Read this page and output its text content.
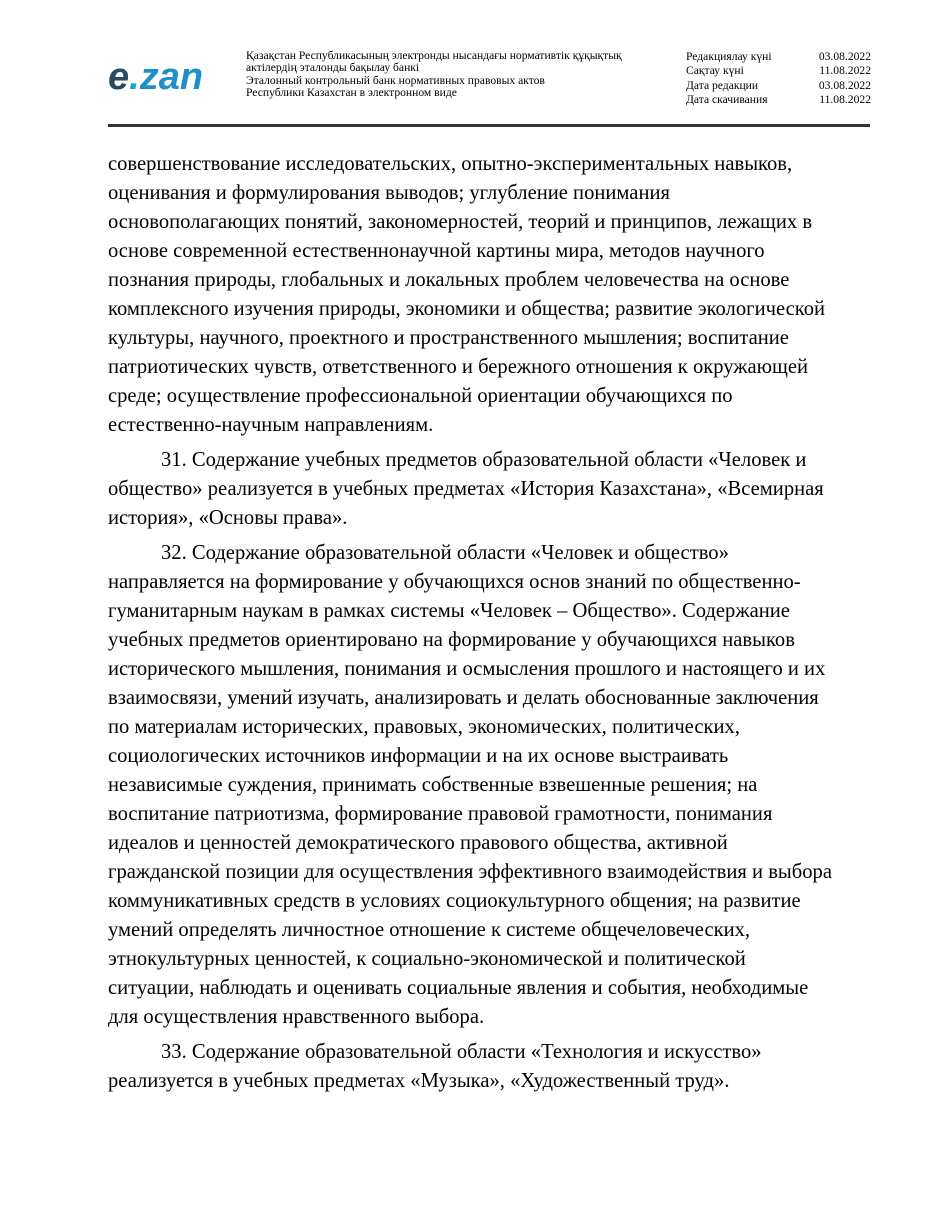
e.zan
Қазақстан Республикасының электронды нысандағы нормативтік құқықтық
актілердің эталонды бақылау банкі
Эталонный контрольный банк нормативных правовых актов
Республики Казахстан в электронном виде
Редакциялау күні	03.08.2022
Сақтау күні	11.08.2022
Дата редакции	03.08.2022
Дата скачивания	11.08.2022

совершенствование исследовательских, опытно-экспериментальных навыков,
оценивания и формулирования выводов; углубление понимания
основополагающих понятий, закономерностей, теорий и принципов, лежащих в
основе современной естественнонаучной картины мира, методов научного
познания природы, глобальных и локальных проблем человечества на основе
комплексного изучения природы, экономики и общества; развитие экологической
культуры, научного, проектного и пространственного мышления; воспитание
патриотических чувств, ответственного и бережного отношения к окружающей
среде; осуществление профессиональной ориентации обучающихся по
естественно-научным направлениям.

31. Содержание учебных предметов образовательной области «Человек и
общество» реализуется в учебных предметах «История Казахстана», «Всемирная
история», «Основы права».

32. Содержание образовательной области «Человек и общество»
направляется на формирование у обучающихся основ знаний по общественно-
гуманитарным наукам в рамках системы «Человек – Общество». Содержание
учебных предметов ориентировано на формирование у обучающихся навыков
исторического мышления, понимания и осмысления прошлого и настоящего и их
взаимосвязи, умений изучать, анализировать и делать обоснованные заключения
по материалам исторических, правовых, экономических, политических,
социологических источников информации и на их основе выстраивать
независимые суждения, принимать собственные взвешенные решения; на
воспитание патриотизма, формирование правовой грамотности, понимания
идеалов и ценностей демократического правового общества, активной
гражданской позиции для осуществления эффективного взаимодействия и выбора
коммуникативных средств в условиях социокультурного общения; на развитие
умений определять личностное отношение к системе общечеловеческих,
этнокультурных ценностей, к социально-экономической и политической
ситуации, наблюдать и оценивать социальные явления и события, необходимые
для осуществления нравственного выбора.

33. Содержание образовательной области «Технология и искусство»
реализуется в учебных предметах «Музыка», «Художественный труд».
